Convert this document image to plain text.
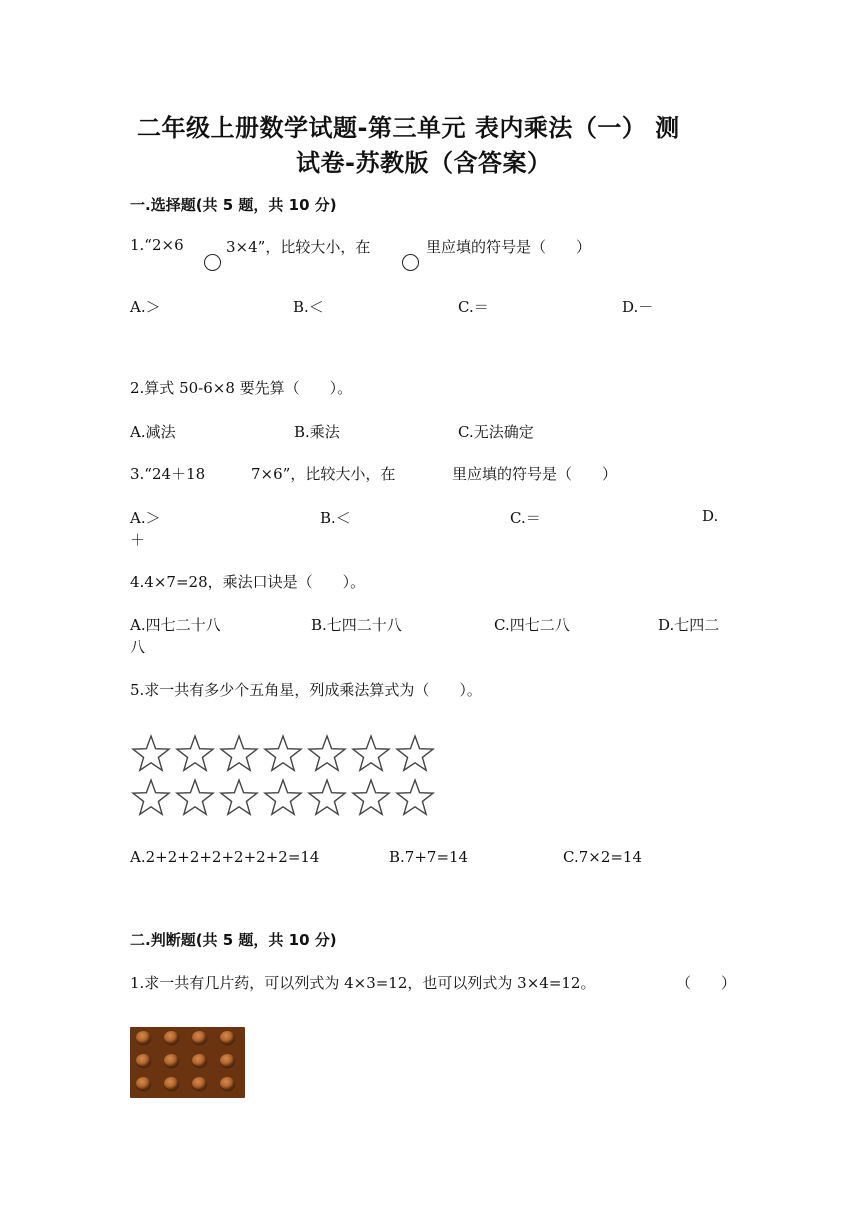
二年级上册数学试题-第三单元 表内乘法（一） 测
试卷-苏教版（含答案）
一.选择题(共 5 题，共 10 分)
1.“2×6	3×4”，比较大小，在	里应填的符号是（　　）
A.＞	B.＜	C.＝	D.－
2.算式 50-6×8 要先算（　　）。
A.减法	B.乘法	C.无法确定
3.“24＋18	7×6”，比较大小，在	里应填的符号是（　　）
A.＞	B.＜	C.＝	D.
＋
4.4×7=28，乘法口诀是（　　）。
A.四七二十八	B.七四二十八	C.四七二八	D.七四二
八
5.求一共有多少个五角星，列成乘法算式为（　　）。
A.2+2+2+2+2+2+2=14	B.7+7=14	C.7×2=14
二.判断题(共 5 题，共 10 分)
1.求一共有几片药，可以列式为 4×3=12，也可以列式为 3×4=12。	（　　）
